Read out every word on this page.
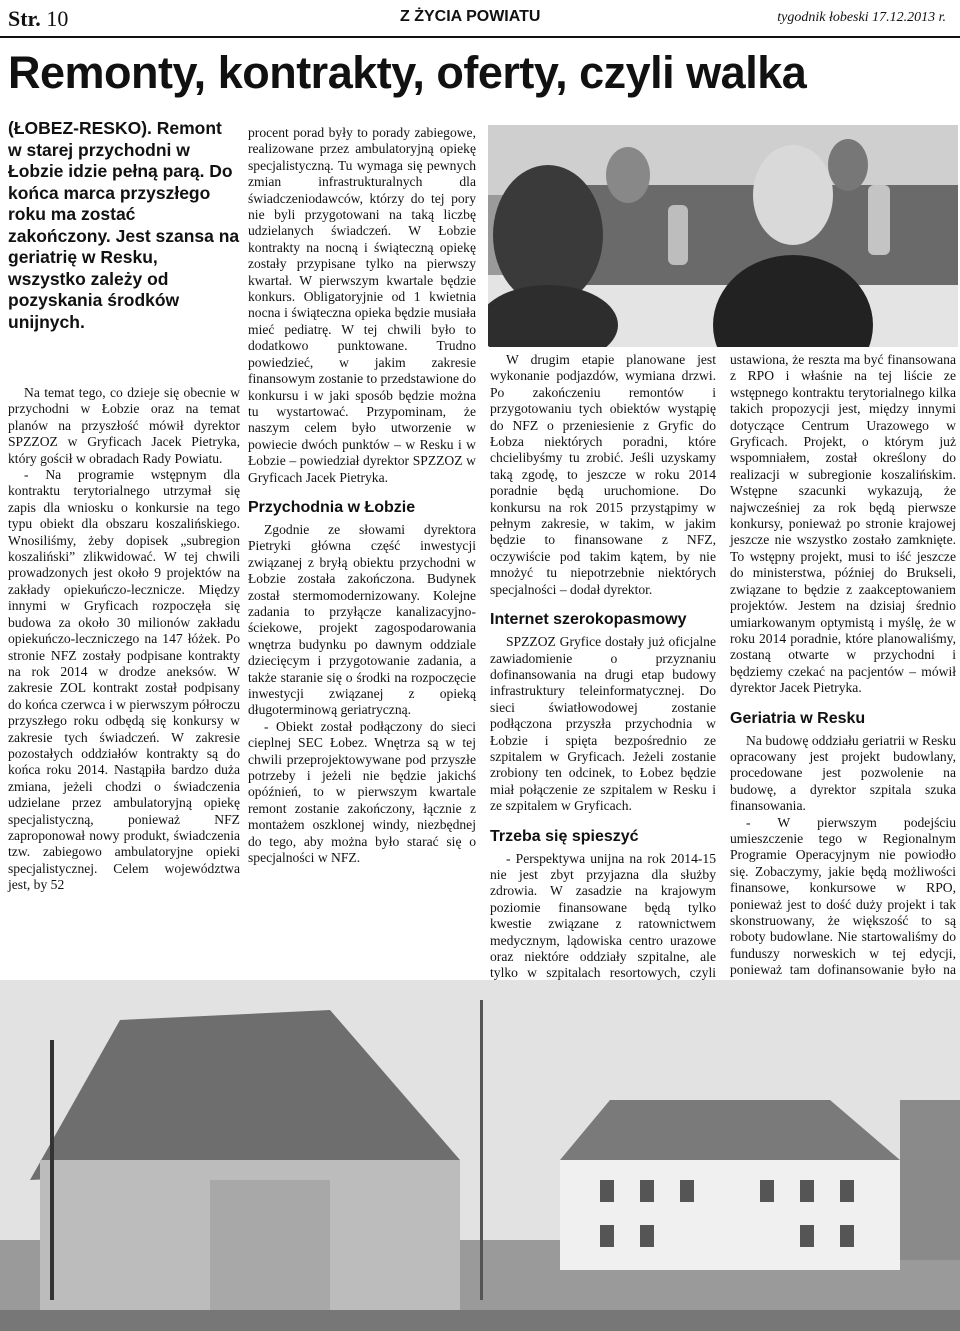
Str. 10	Z ŻYCIA POWIATU	tygodnik łobeski 17.12.2013 r.
Remonty, kontrakty, oferty, czyli walka
(ŁOBEZ-RESKO). Remont w starej przychodni w Łobzie idzie pełną parą. Do końca marca przyszłego roku ma zostać zakończony. Jest szansa na geriatrię w Resku, wszystko zależy od pozyskania środków unijnych.

Na temat tego, co dzieje się obecnie w przychodni w Łobzie oraz na temat planów na przyszłość mówił dyrektor SPZZOZ w Gryficach Jacek Pietryka, który gościł w obradach Rady Powiatu.

- Na programie wstępnym dla kontraktu terytorialnego utrzymał się zapis dla wniosku o konkursie na tego typu obiekt dla obszaru koszalińskiego. Wnosiliśmy, żeby dopisek „subregion koszaliński” zlikwidować. W tej chwili prowadzonych jest około 9 projektów na zakłady opiekuńczo-lecznicze. Między innymi w Gryficach rozpoczęła się budowa za około 30 milionów zakładu opiekuńczo-leczniczego na 147 łóżek. Po stronie NFZ zostały podpisane kontrakty na rok 2014 w drodze aneksów. W zakresie ZOL kontrakt został podpisany do końca czerwca i w pierwszym półroczu przyszłego roku odbędą się konkursy w zakresie tych świadczeń. W zakresie pozostałych oddziałów kontrakty są do końca roku 2014. Nastąpiła bardzo duża zmiana, jeżeli chodzi o świadczenia udzielane przez ambulatoryjną opiekę specjalistyczną, ponieważ NFZ zaproponował nowy produkt, świadczenia tzw. zabiegowo ambulatoryjne opieki specjalistycznej. Celem województwa jest, by 52

procent porad były to porady zabiegowe, realizowane przez ambulatoryjną opiekę specjalistyczną. Tu wymaga się pewnych zmian infrastrukturalnych dla świadczeniodawców, którzy do tej pory nie byli przygotowani na taką liczbę udzielanych świadczeń. W Łobzie kontrakty na nocną i świąteczną opiekę zostały przypisane tylko na pierwszy kwartał. W pierwszym kwartale będzie konkurs. Obligatoryjnie od 1 kwietnia nocna i świąteczna opieka będzie musiała mieć pediatrę. W tej chwili było to dodatkowo punktowane. Trudno powiedzieć, w jakim zakresie finansowym zostanie to przedstawione do konkursu i w jaki sposób będzie można tu wystartować. Przypominam, że naszym celem było utworzenie w powiecie dwóch punktów – w Resku i w Łobzie – powiedział dyrektor SPZZOZ w Gryficach Jacek Pietryka.

Przychodnia w Łobzie

Zgodnie ze słowami dyrektora Pietryki główna część inwestycji związanej z bryłą obiektu przychodni w Łobzie została zakończona. Budynek został stermomodernizowany. Kolejne zadania to przyłącze kanalizacyjno-ściekowe, projekt zagospodarowania wnętrza budynku po dawnym oddziale dziecięcym i przygotowanie zadania, a także staranie się o środki na rozpoczęcie inwestycji związanej z opieką długoterminową geriatryczną.

- Obiekt został podłączony do sieci cieplnej SEC Łobez. Wnętrza są w tej chwili przeprojektowywane pod przyszłe potrzeby i jeżeli nie będzie jakichś opóźnień, to w pierwszym kwartale remont zostanie zakończony, łącznie z montażem oszklonej windy, niezbędnej do tego, aby można było starać się o specjalności w NFZ.

W drugim etapie planowane jest wykonanie podjazdów, wymiana drzwi. Po zakończeniu remontów i przygotowaniu tych obiektów wystąpię do NFZ o przeniesienie z Gryfic do Łobza niektórych poradni, które chcielibyśmy tu zrobić. Jeśli uzyskamy taką zgodę, to jeszcze w roku 2014 poradnie będą uruchomione. Do konkursu na rok 2015 przystąpimy w pełnym zakresie, w takim, w jakim będzie to finansowane z NFZ, oczywiście pod takim kątem, by nie mnożyć tu niepotrzebnie niektórych specjalności – dodał dyrektor.

Internet szerokopasmowy

SPZZOZ Gryfice dostały już oficjalne zawiadomienie o przyznaniu dofinansowania na drugi etap budowy infrastruktury teleinformatycznej. Do sieci światłowodowej zostanie podłączona przyszła przychodnia w Łobzie i spięta bezpośrednio ze szpitalem w Gryficach. Jeżeli zostanie zrobiony ten odcinek, to Łobez będzie miał połączenie ze szpitalem w Resku i ze szpitalem w Gryficach.

Trzeba się spieszyć

- Perspektywa unijna na rok 2014-15 nie jest zbyt przyjazna dla służby zdrowia. W zasadzie na krajowym poziomie finansowane będą tylko kwestie związane z ratownictwem medycznym, lądowiska centro urazowe oraz niektóre oddziały szpitalne, ale tylko w szpitalach resortowych, czyli

ustawiona, że reszta ma być finansowana z RPO i właśnie na tej liście ze wstępnego kontraktu terytorialnego kilka takich propozycji jest, między innymi dotyczące Centrum Urazowego w Gryficach. Projekt, o którym już wspomniałem, został określony do realizacji w subregionie koszalińskim. Wstępne szacunki wykazują, że najwcześniej za rok będą pierwsze konkursy, ponieważ po stronie krajowej jeszcze nie wszystko zostało zamknięte. To wstępny projekt, musi to iść jeszcze do ministerstwa, później do Brukseli, związane to będzie z zaakceptowaniem projektów. Jestem na dzisiaj średnio umiarkowanym optymistą i myślę, że w roku 2014 poradnie, które planowaliśmy, zostaną otwarte w przychodni i będziemy czekać na pacjentów – mówił dyrektor Jacek Pietryka.

Geriatria w Resku

Na budowę oddziału geriatrii w Resku opracowany jest projekt budowlany, procedowane jest pozwolenie na budowę, a dyrektor szpitala szuka finansowania.

- W pierwszym podejściu umieszczenie tego w Regionalnym Programie Operacyjnym nie powiodło się. Zobaczymy, jakie będą możliwości finansowe, konkursowe w RPO, ponieważ jest to dość duży projekt i tak skonstruowany, że większość to są roboty budowlane. Nie startowaliśmy do funduszy norweskich w tej edycji, ponieważ tam dofinansowanie było na
